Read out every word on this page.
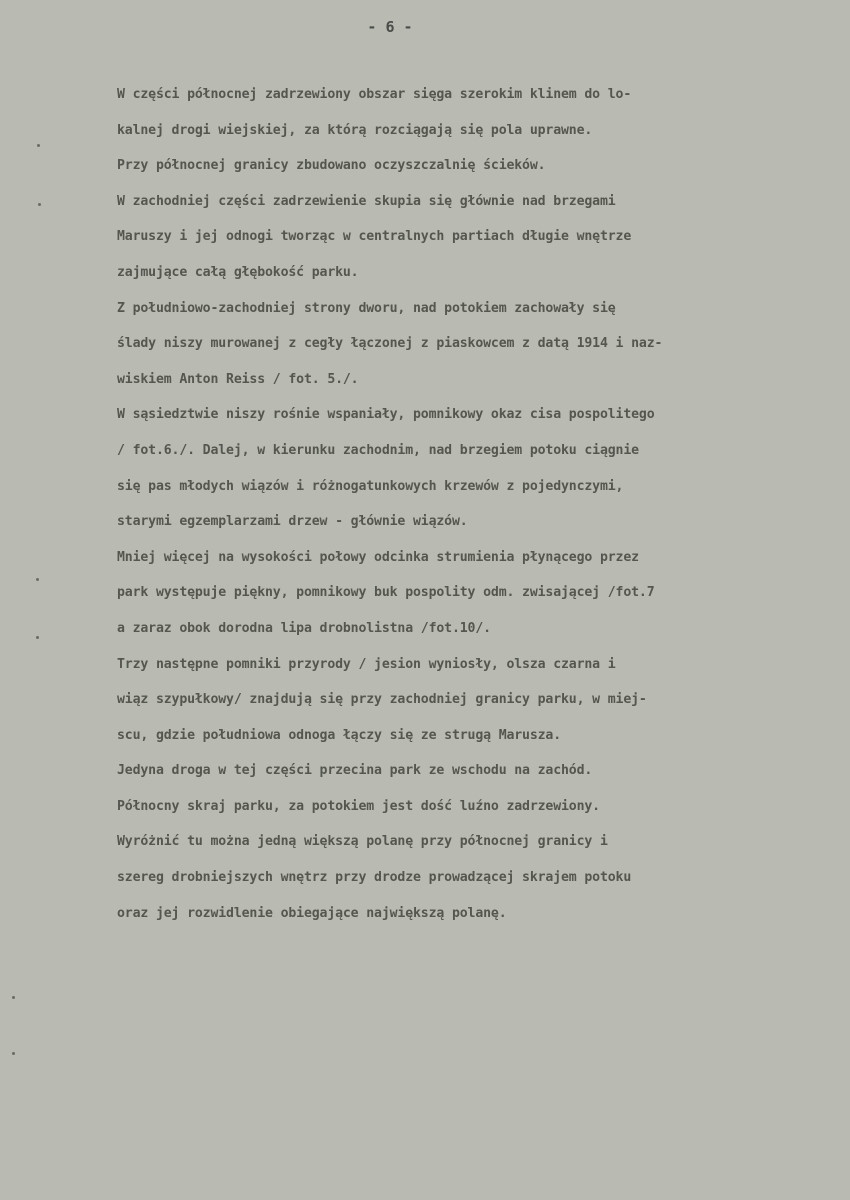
- 6 -
W części północnej zadrzewiony obszar sięga szerokim klinem do lo-
kalnej drogi wiejskiej, za którą rozciągają się pola uprawne.
Przy północnej granicy zbudowano oczyszczalnię ścieków.
W zachodniej części zadrzewienie skupia się głównie nad brzegami
Maruszy i jej odnogi tworząc w centralnych partiach długie wnętrze
zajmujące całą głębokość parku.
Z południowo-zachodniej strony dworu, nad potokiem zachowały się
ślady niszy murowanej z cegły łączonej z piaskowcem z datą 1914 i naz-
wiskiem Anton Reiss / fot. 5./.
W sąsiedztwie niszy rośnie wspaniały, pomnikowy okaz cisa pospolitego
/ fot.6./. Dalej, w kierunku zachodnim, nad brzegiem potoku ciągnie
się pas młodych wiązów i różnogatunkowych krzewów z pojedynczymi,
starymi egzemplarzami drzew - głównie wiązów.
Mniej więcej na wysokości połowy odcinka strumienia płynącego przez
park występuje piękny, pomnikowy buk pospolity odm. zwisającej /fot.7
a zaraz obok dorodna lipa drobnolistna /fot.10/.
Trzy następne pomniki przyrody / jesion wyniosły, olsza czarna i
wiąz szypułkowy/ znajdują się przy zachodniej granicy parku, w miej-
scu, gdzie południowa odnoga łączy się ze strugą Marusza.
Jedyna droga w tej części przecina park ze wschodu na zachód.
Północny skraj parku, za potokiem jest dość luźno zadrzewiony.
Wyróżnić tu można jedną większą polanę przy północnej granicy i
szereg drobniejszych wnętrz przy drodze prowadzącej skrajem potoku
oraz jej rozwidlenie obiegające największą polanę.
